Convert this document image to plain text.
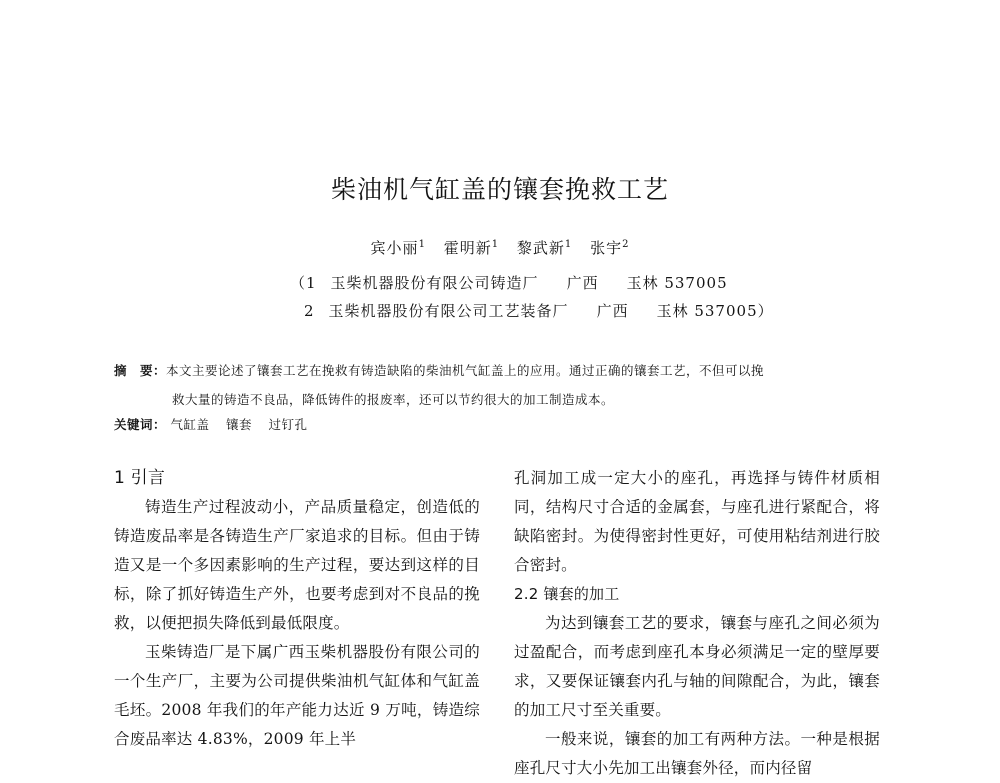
柴油机气缸盖的镶套挽救工艺
宾小丽$^1$ 霍明新$^1$ 黎武新$^1$ 张宇$^2$
（1 玉柴机器股份有限公司铸造厂 广西 玉林 537005
2 玉柴机器股份有限公司工艺装备厂 广西 玉林 537005）
摘　要：本文主要论述了镶套工艺在挽救有铸造缺陷的柴油机气缸盖上的应用。通过正确的镶套工艺，不但可以挽
救大量的铸造不良品，降低铸件的报废率，还可以节约很大的加工制造成本。
关键词： 气缸盖 镶套 过钉孔
1 引言

铸造生产过程波动小，产品质量稳定，创造低的铸造废品率是各铸造生产厂家追求的目标。但由于铸造又是一个多因素影响的生产过程，要达到这样的目标，除了抓好铸造生产外，也要考虑到对不良品的挽救，以便把损失降低到最低限度。

玉柴铸造厂是下属广西玉柴机器股份有限公司的一个生产厂，主要为公司提供柴油机气缸体和气缸盖毛坯。2008 年我们的年产能力达近 9 万吨，铸造综合废品率达 4.83%，2009 年上半

孔洞加工成一定大小的座孔，再选择与铸件材质相同，结构尺寸合适的金属套，与座孔进行紧配合，将缺陷密封。为使得密封性更好，可使用粘结剂进行胶合密封。

2.2 镶套的加工

为达到镶套工艺的要求，镶套与座孔之间必须为过盈配合，而考虑到座孔本身必须满足一定的壁厚要求，又要保证镶套内孔与轴的间隙配合，为此，镶套的加工尺寸至关重要。

一般来说，镶套的加工有两种方法。一种是根据座孔尺寸大小先加工出镶套外径，而内径留
